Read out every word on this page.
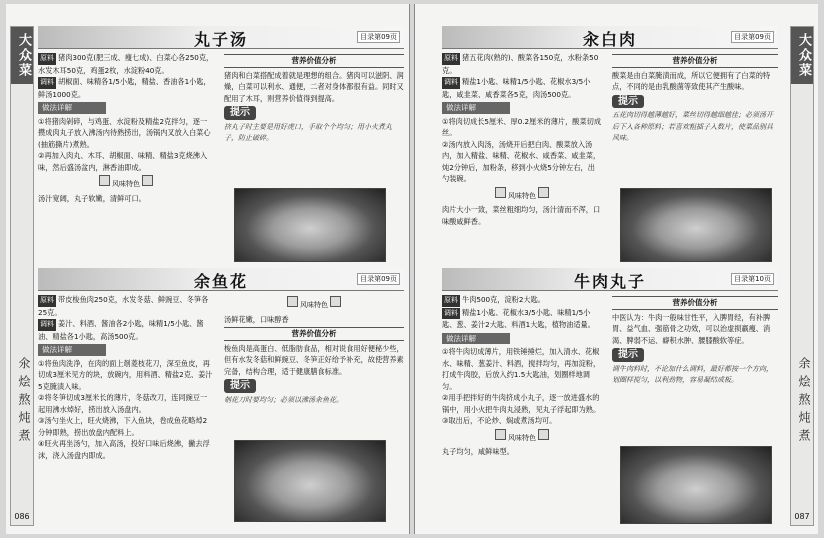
大众菜
氽烩熬炖煮
086
丸子汤	目录第09页
原料 猪肉300克(肥三成、瘦七成)、白菜心各250克，水发木耳50克，鸡蛋2枚，水淀粉40克。
调料 胡椒面、味精各1/5小匙，精盐、香油各1小匙，鲜汤1000克。
做法详解
①将猪肉剁碎，与鸡蛋、水淀粉及精盐2克拌匀，逐一攒成肉丸子放入沸汤内待熟捞出，汤锅内叉放入白菜心(抽筋撕片)煮熟。
②再加入肉丸、木耳、胡椒面、味精、精盐3克烧沸入味，然后盛汤盆内，淋香油即成。
风味特色
汤汁宽阔，丸子软嫩，清鲜可口。
营养价值分析
猪肉和白菜搭配成着就是理想的组合。猪肉可以滋阴、润燥，白菜可以利水、通便，二者对身体都很有益。同时又配用了木耳，则营养价值得到提高。
提示
挤丸子时主要是用好虎口，手取个个均匀；用小火煮丸子，防止破碎。
余鱼花	目录第09页
原料 带皮梭鱼肉250克，水发冬菇、鲜豌豆、冬笋各25克。
调料 姜汁、料酒、酱油各2小匙，味精1/5小匙、酱油、精盐各1小匙，高汤500克。
做法详解
①将鱼肉洗净，在肉的面上剞菱枝花刀，深至鱼皮，再切成3厘米见方的块，放碗内，用料酒、精盐2克、姜汁5克腌渍入味。
②将冬笋切成3厘米长的薄片，冬菇改刀，连同豌豆一起用沸水焯好，捞出放入汤盘内。
③汤勺坐火上，旺火烧沸，下入鱼块，卷成鱼花略焯2分钟即熟，捞出放盘内配料上。
④旺火再坐汤勺，加入高汤，投好口味后烧沸，撇去浮沫，浇入汤盘内即成。
风味特色
汤鲜花嫩，口味醇香
营养价值分析
梭鱼肉是高蛋白、低脂肪食品，相对说食用好便秘少些，但有水发冬菇和鲜豌豆、冬笋正好给予补充，故使营养素完备，结构合理，适于健康膳食标准。
提示
剞花刀时要均匀；必须以沸汤汆鱼花。
汆白肉	目录第09页
原料 猪五花肉(熟的)、酸菜各150克，水粉条50克。
调料 精盐1小匙、味精1/5小匙、花椒水3/5小匙，咸韭菜、咸香菜各5克，肉汤500克。
做法详解
①将肉切成长5厘米、厚0.2厘米的薄片，酸菜切成丝。
②汤内放入肉汤，汤烧开后把白肉、酸菜放入汤内，加入精盐、味精、花椒水、咸香菜、咸韭菜，炖2分钟后，加粉条，移到小火烧5分钟左右，出勺装碗。
风味特色
肉片大小一致，菜丝粗细均匀，汤汁清而不浑，口味酸咸鲜香。
营养价值分析
酸菜是由白菜腌渍而成，所以它便拥有了白菜的特点，不同的是由乳酸菌等致使其产生酸味。
提示
五花肉切得越薄越好，菜丝切得越细越佳；必须汤开后下入各种原料；若喜欢粗插子入数片，使菜品别具风味。
牛肉丸子	目录第10页
原料 牛肉500克，淀粉2大匙。
调料 精盐1小匙、花椒水3/5小匙、味精1/5小匙、葱、姜汁2大匙、料酒1大匙，植物油适量。
做法详解
①将牛肉切成薄片，用铁锤捶烂，加入清水、花椒水、味精、葱姜汁、料酒，搅拌均匀，再加淀粉，打成牛肉胶，后放入约1.5大匙油，划圈样地调匀。
②用手把拌好的牛肉挤成小丸子，逐一放进盛水的锅中，用小火把牛肉丸浸熟，见丸子浮起即为熟。
③取出后，不论炒、焖或煮汤均可。
风味特色
丸子均匀，咸鲜味型。
营养价值分析
中医认为：牛肉一般味甘性平，入脾胃经，有补脾胃、益气血、强筋骨之功效，可以治虚损羸瘦、消渴、脾弱不运、癖积水肿、腰膝酸软等症。
提示
调牛肉料时，不论加什么调料，最好都按一个方向，划圈样搅匀，以利劲物，容易凝结成板。
大众菜
余烩熬炖煮
087
